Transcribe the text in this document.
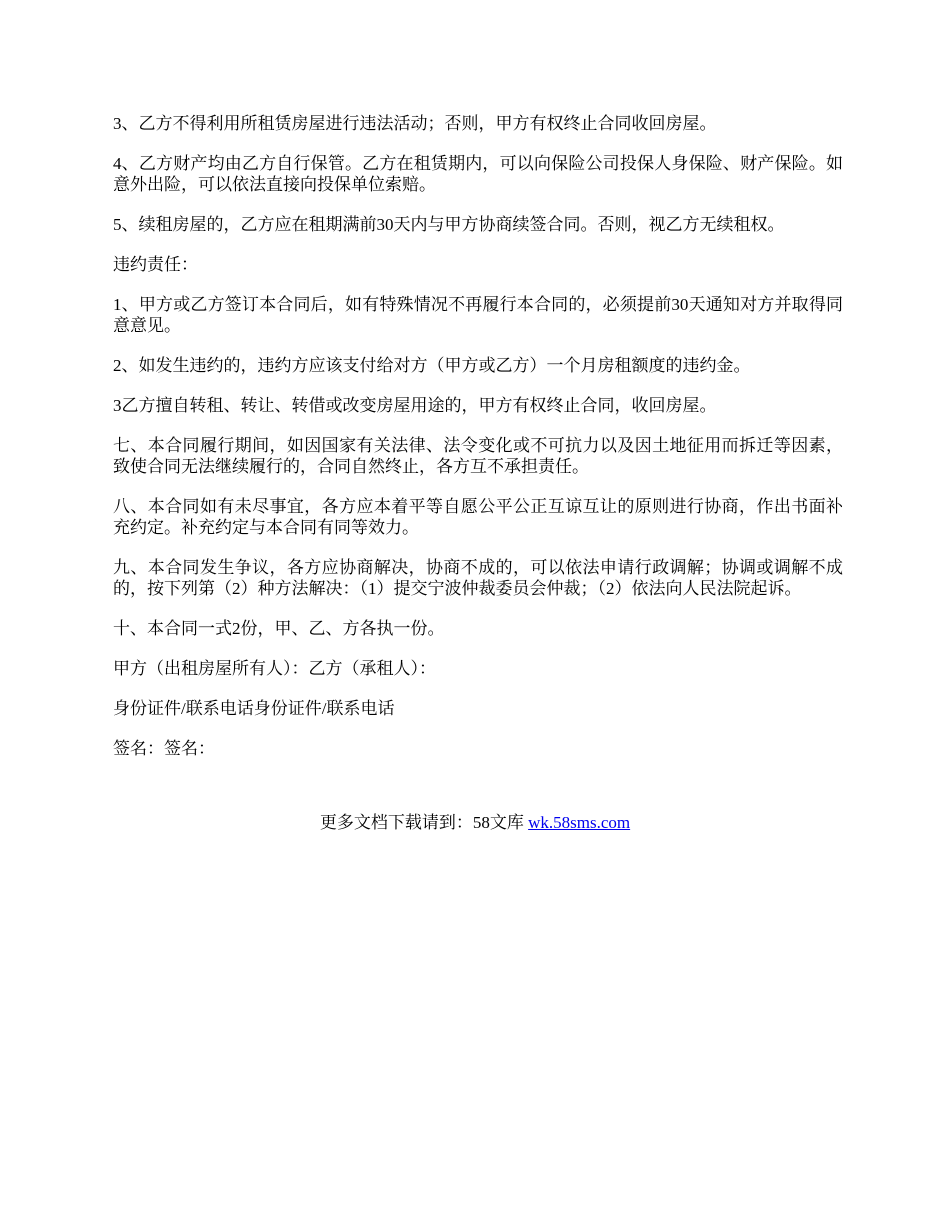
3、乙方不得利用所租赁房屋进行违法活动；否则，甲方有权终止合同收回房屋。

4、乙方财产均由乙方自行保管。乙方在租赁期内，可以向保险公司投保人身保险、财产保险。如意外出险，可以依法直接向投保单位索赔。

5、续租房屋的，乙方应在租期满前30天内与甲方协商续签合同。否则，视乙方无续租权。

违约责任：

1、甲方或乙方签订本合同后，如有特殊情况不再履行本合同的，必须提前30天通知对方并取得同意意见。

2、如发生违约的，违约方应该支付给对方（甲方或乙方）一个月房租额度的违约金。

3乙方擅自转租、转让、转借或改变房屋用途的，甲方有权终止合同，收回房屋。

七、本合同履行期间，如因国家有关法律、法令变化或不可抗力以及因土地征用而拆迁等因素，致使合同无法继续履行的，合同自然终止，各方互不承担责任。

八、本合同如有未尽事宜，各方应本着平等自愿公平公正互谅互让的原则进行协商，作出书面补充约定。补充约定与本合同有同等效力。

九、本合同发生争议，各方应协商解决，协商不成的，可以依法申请行政调解；协调或调解不成的，按下列第（2）种方法解决：（1）提交宁波仲裁委员会仲裁；（2）依法向人民法院起诉。

十、本合同一式2份，甲、乙、方各执一份。

甲方（出租房屋所有人）：乙方（承租人）：

身份证件/联系电话身份证件/联系电话

签名：签名：

更多文档下载请到：58文库 wk.58sms.com
